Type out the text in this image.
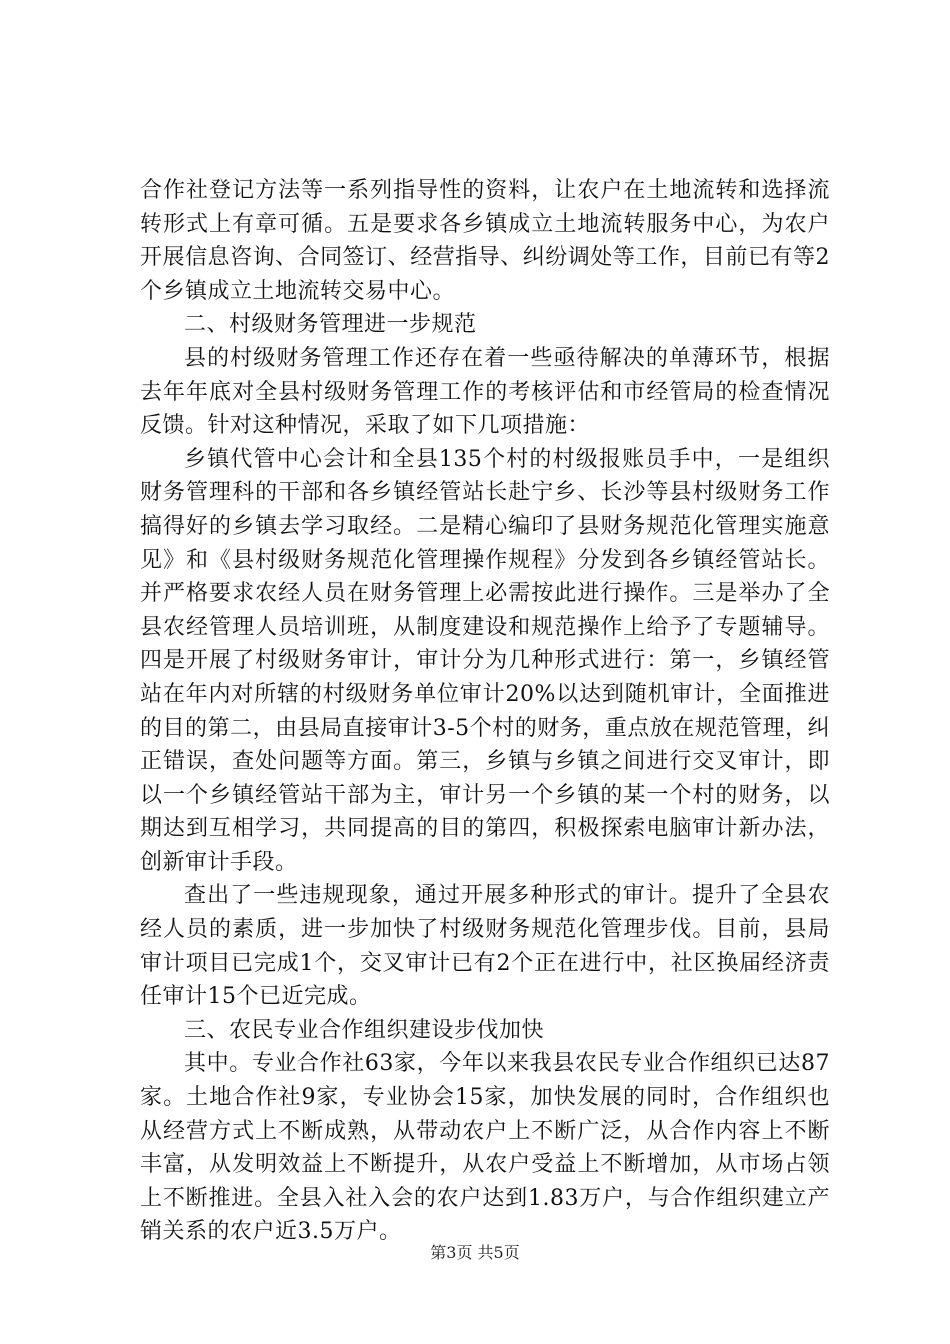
合作社登记方法等一系列指导性的资料，让农户在土地流转和选择流转形式上有章可循。五是要求各乡镇成立土地流转服务中心，为农户开展信息咨询、合同签订、经营指导、纠纷调处等工作，目前已有等2个乡镇成立土地流转交易中心。

二、村级财务管理进一步规范

县的村级财务管理工作还存在着一些亟待解决的单薄环节，根据去年年底对全县村级财务管理工作的考核评估和市经管局的检查情况反馈。针对这种情况，采取了如下几项措施：

乡镇代管中心会计和全县135个村的村级报账员手中，一是组织财务管理科的干部和各乡镇经管站长赴宁乡、长沙等县村级财务工作搞得好的乡镇去学习取经。二是精心编印了县财务规范化管理实施意见》和《县村级财务规范化管理操作规程》分发到各乡镇经管站长。并严格要求农经人员在财务管理上必需按此进行操作。三是举办了全县农经管理人员培训班，从制度建设和规范操作上给予了专题辅导。四是开展了村级财务审计，审计分为几种形式进行：第一，乡镇经管站在年内对所辖的村级财务单位审计20%以达到随机审计，全面推进的目的第二，由县局直接审计3-5个村的财务，重点放在规范管理，纠正错误，查处问题等方面。第三，乡镇与乡镇之间进行交叉审计，即以一个乡镇经管站干部为主，审计另一个乡镇的某一个村的财务，以期达到互相学习，共同提高的目的第四，积极探索电脑审计新办法，创新审计手段。

查出了一些违规现象，通过开展多种形式的审计。提升了全县农经人员的素质，进一步加快了村级财务规范化管理步伐。目前，县局审计项目已完成1个，交叉审计已有2个正在进行中，社区换届经济责任审计15个已近完成。

三、农民专业合作组织建设步伐加快

其中。专业合作社63家，今年以来我县农民专业合作组织已达87家。土地合作社9家，专业协会15家，加快发展的同时，合作组织也从经营方式上不断成熟，从带动农户上不断广泛，从合作内容上不断丰富，从发明效益上不断提升，从农户受益上不断增加，从市场占领上不断推进。全县入社入会的农户达到1.83万户，与合作组织建立产销关系的农户近3.5万户。

第3页 共5页
